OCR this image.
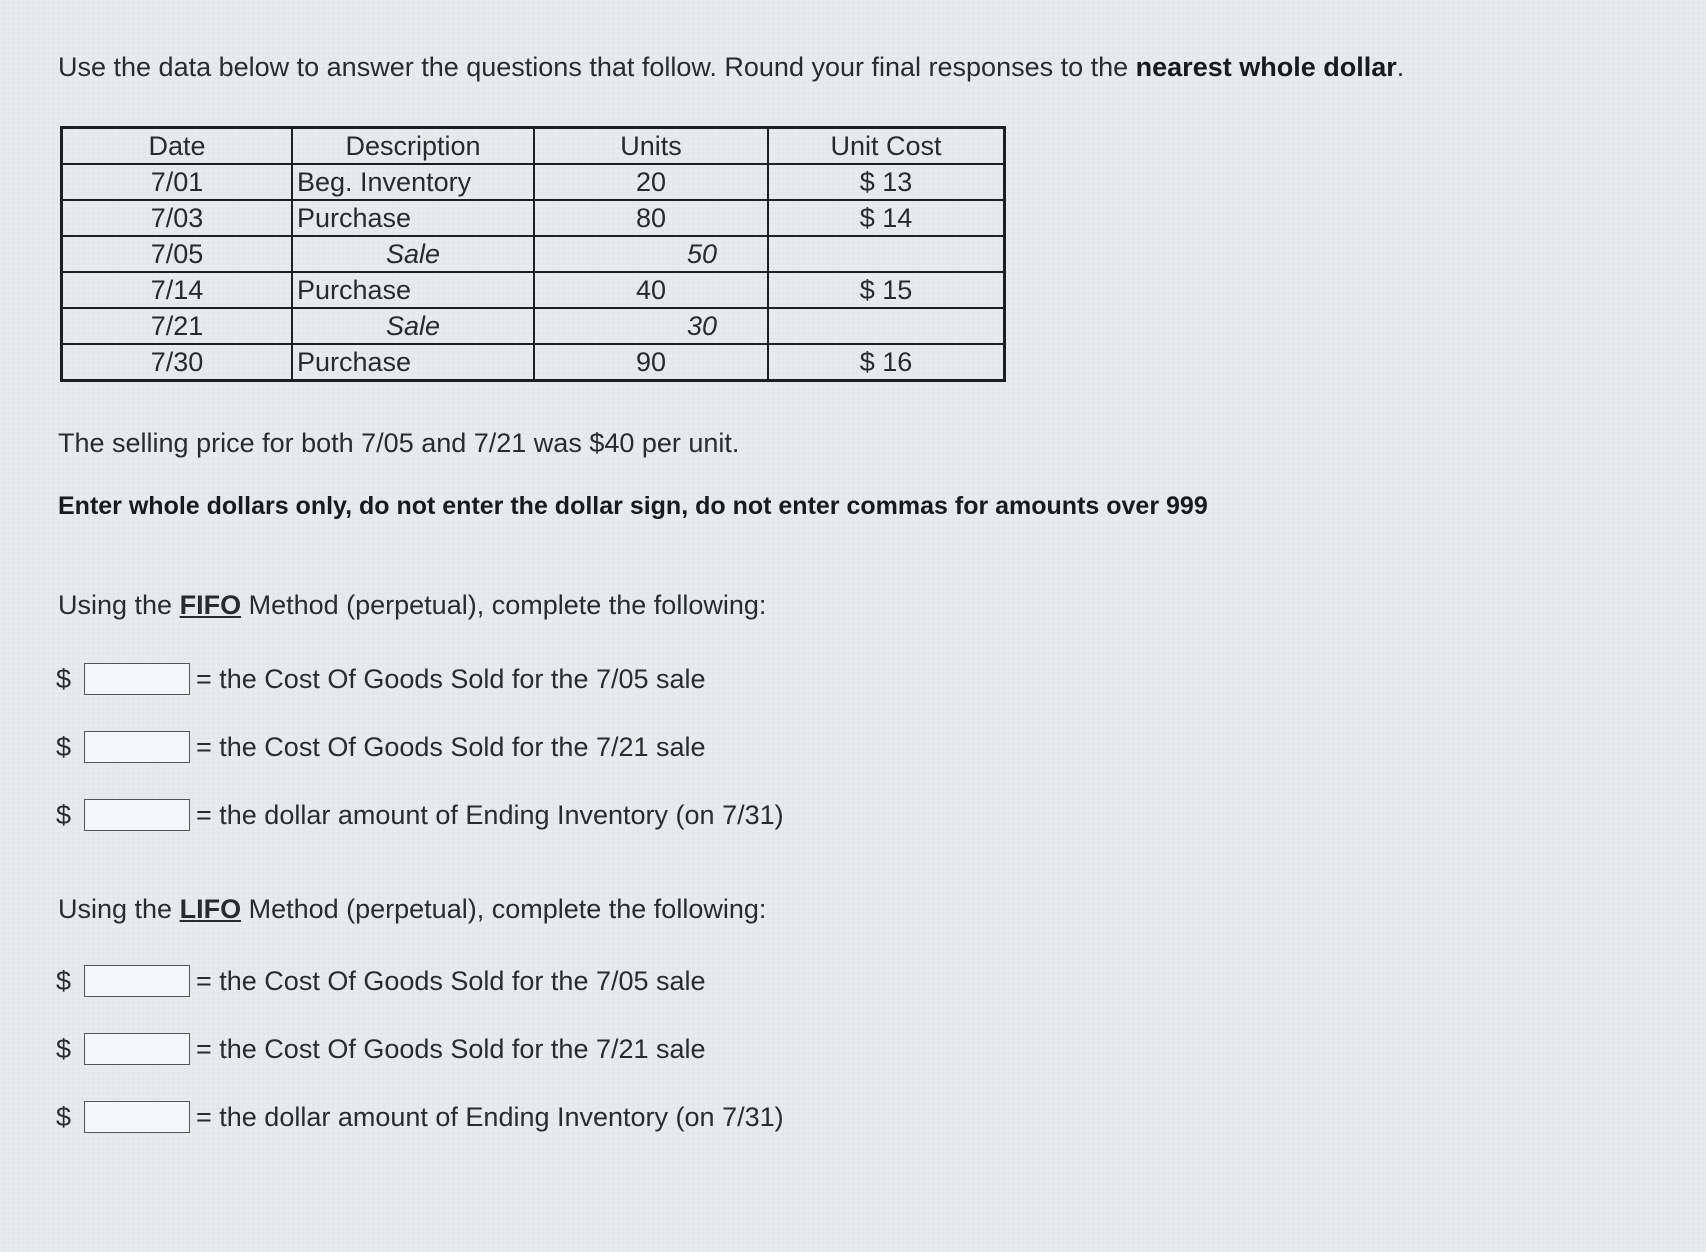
Use the data below to answer the questions that follow. Round your final responses to the nearest whole dollar.
Date	Description	Units	Unit Cost
7/01	Beg. Inventory	20	$ 13
7/03	Purchase	80	$ 14
7/05	Sale	50	
7/14	Purchase	40	$ 15
7/21	Sale	30	
7/30	Purchase	90	$ 16
The selling price for both 7/05 and 7/21 was $40 per unit.
Enter whole dollars only, do not enter the dollar sign, do not enter commas for amounts over 999
Using the FIFO Method (perpetual), complete the following:
$	= the Cost Of Goods Sold for the 7/05 sale
$	= the Cost Of Goods Sold for the 7/21 sale
$	= the dollar amount of Ending Inventory (on 7/31)
Using the LIFO Method (perpetual), complete the following:
$	= the Cost Of Goods Sold for the 7/05 sale
$	= the Cost Of Goods Sold for the 7/21 sale
$	= the dollar amount of Ending Inventory (on 7/31)
